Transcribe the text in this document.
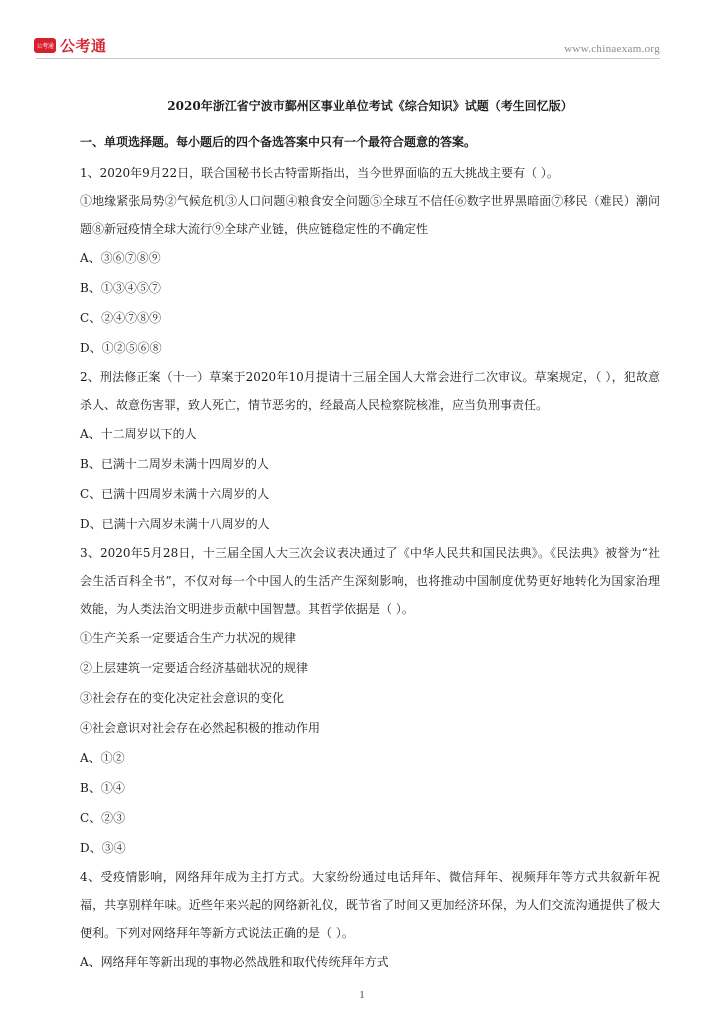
公考通 公考通	www.chinaexam.org
2020年浙江省宁波市鄞州区事业单位考试《综合知识》试题（考生回忆版）
一、单项选择题。每小题后的四个备选答案中只有一个最符合题意的答案。

1、2020年9月22日，联合国秘书长古特雷斯指出，当今世界面临的五大挑战主要有（ ）。

①地缘紧张局势②气候危机③人口问题④粮食安全问题⑤全球互不信任⑥数字世界黑暗面⑦移民（难民）潮问题⑧新冠疫情全球大流行⑨全球产业链，供应链稳定性的不确定性

A、③⑥⑦⑧⑨

B、①③④⑤⑦

C、②④⑦⑧⑨

D、①②⑤⑥⑧

2、刑法修正案（十一）草案于2020年10月提请十三届全国人大常会进行二次审议。草案规定，（ ），犯故意杀人、故意伤害罪，致人死亡，情节恶劣的，经最高人民检察院核准，应当负刑事责任。

A、十二周岁以下的人

B、已满十二周岁未满十四周岁的人

C、已满十四周岁未满十六周岁的人

D、已满十六周岁未满十八周岁的人

3、2020年5月28日，十三届全国人大三次会议表决通过了《中华人民共和国民法典》。《民法典》被誉为“社会生活百科全书”，不仅对每一个中国人的生活产生深刻影响，也将推动中国制度优势更好地转化为国家治理效能，为人类法治文明进步贡献中国智慧。其哲学依据是（ ）。

①生产关系一定要适合生产力状况的规律

②上层建筑一定要适合经济基础状况的规律

③社会存在的变化决定社会意识的变化

④社会意识对社会存在必然起积极的推动作用

A、①②

B、①④

C、②③

D、③④

4、受疫情影响，网络拜年成为主打方式。大家纷纷通过电话拜年、微信拜年、视频拜年等方式共叙新年祝福，共享别样年味。近些年来兴起的网络新礼仪，既节省了时间又更加经济环保，为人们交流沟通提供了极大便利。下列对网络拜年等新方式说法正确的是（ ）。

A、网络拜年等新出现的事物必然战胜和取代传统拜年方式

1
